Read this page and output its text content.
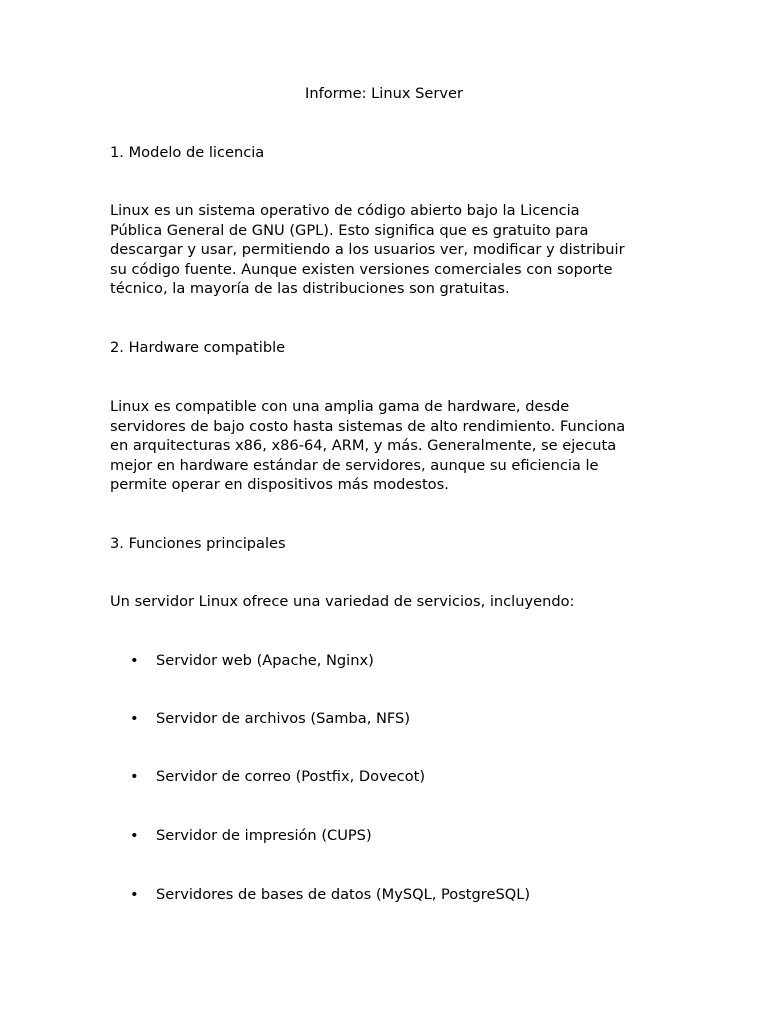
Informe: Linux Server
1. Modelo de licencia
Linux es un sistema operativo de código abierto bajo la Licencia
Pública General de GNU (GPL). Esto significa que es gratuito para
descargar y usar, permitiendo a los usuarios ver, modificar y distribuir
su código fuente. Aunque existen versiones comerciales con soporte
técnico, la mayoría de las distribuciones son gratuitas.
2. Hardware compatible
Linux es compatible con una amplia gama de hardware, desde
servidores de bajo costo hasta sistemas de alto rendimiento. Funciona
en arquitecturas x86, x86-64, ARM, y más. Generalmente, se ejecuta
mejor en hardware estándar de servidores, aunque su eficiencia le
permite operar en dispositivos más modestos.
3. Funciones principales
Un servidor Linux ofrece una variedad de servicios, incluyendo:
• Servidor web (Apache, Nginx)
• Servidor de archivos (Samba, NFS)
• Servidor de correo (Postfix, Dovecot)
• Servidor de impresión (CUPS)
• Servidores de bases de datos (MySQL, PostgreSQL)
